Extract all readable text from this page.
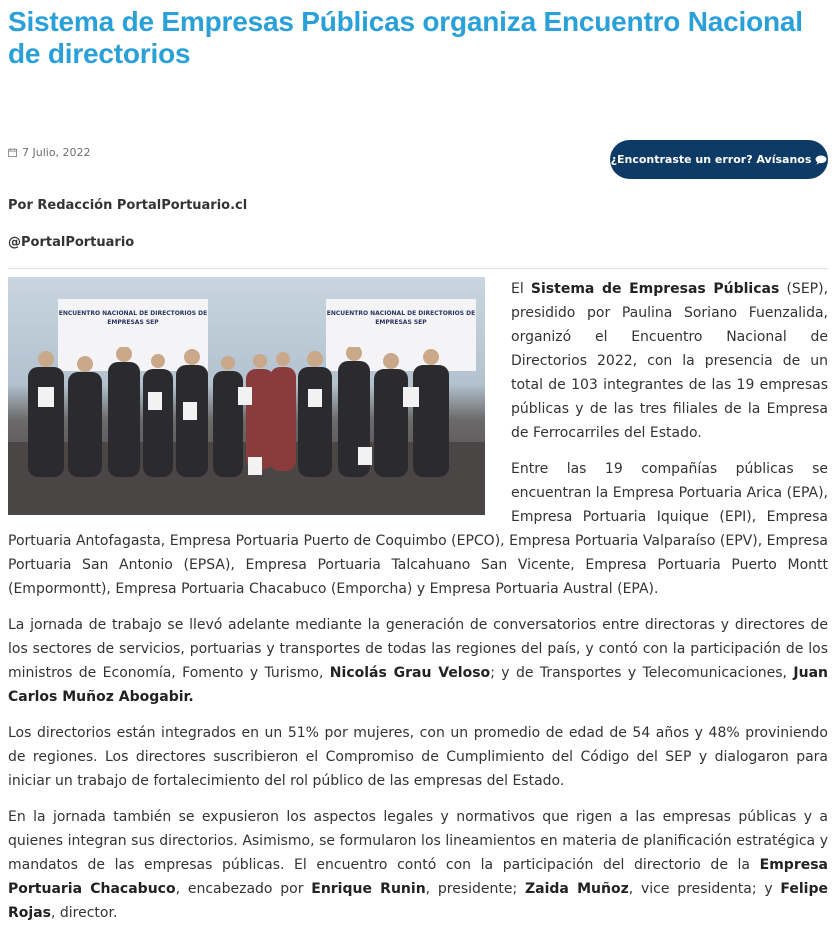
Sistema de Empresas Públicas organiza Encuentro Nacional de directorios
7 Julio, 2022
¿Encontraste un error? Avísanos
Por Redacción PortalPortuario.cl
@PortalPortuario
ENCUENTRO NACIONAL DE DIRECTORIOS DE EMPRESAS SEP
ENCUENTRO NACIONAL DE DIRECTORIOS DE EMPRESAS SEP

El Sistema de Empresas Públicas (SEP), presidido por Paulina Soriano Fuenzalida, organizó el Encuentro Nacional de Directorios 2022, con la presencia de un total de 103 integrantes de las 19 empresas públicas y de las tres filiales de la Empresa de Ferrocarriles del Estado.

Entre las 19 compañías públicas se encuentran la Empresa Portuaria Arica (EPA), Empresa Portuaria Iquique (EPI), Empresa Portuaria Antofagasta, Empresa Portuaria Puerto de Coquimbo (EPCO), Empresa Portuaria Valparaíso (EPV), Empresa Portuaria San Antonio (EPSA), Empresa Portuaria Talcahuano San Vicente, Empresa Portuaria Puerto Montt (Empormontt), Empresa Portuaria Chacabuco (Emporcha) y Empresa Portuaria Austral (EPA).

La jornada de trabajo se llevó adelante mediante la generación de conversatorios entre directoras y directores de los sectores de servicios, portuarias y transportes de todas las regiones del país, y contó con la participación de los ministros de Economía, Fomento y Turismo, Nicolás Grau Veloso; y de Transportes y Telecomunicaciones, Juan Carlos Muñoz Abogabir.

Los directorios están integrados en un 51% por mujeres, con un promedio de edad de 54 años y 48% proviniendo de regiones. Los directores suscribieron el Compromiso de Cumplimiento del Código del SEP y dialogaron para iniciar un trabajo de fortalecimiento del rol público de las empresas del Estado.

En la jornada también se expusieron los aspectos legales y normativos que rigen a las empresas públicas y a quienes integran sus directorios. Asimismo, se formularon los lineamientos en materia de planificación estratégica y mandatos de las empresas públicas. El encuentro contó con la participación del directorio de la Empresa Portuaria Chacabuco, encabezado por Enrique Runin, presidente; Zaida Muñoz, vice presidenta; y Felipe Rojas, director.
